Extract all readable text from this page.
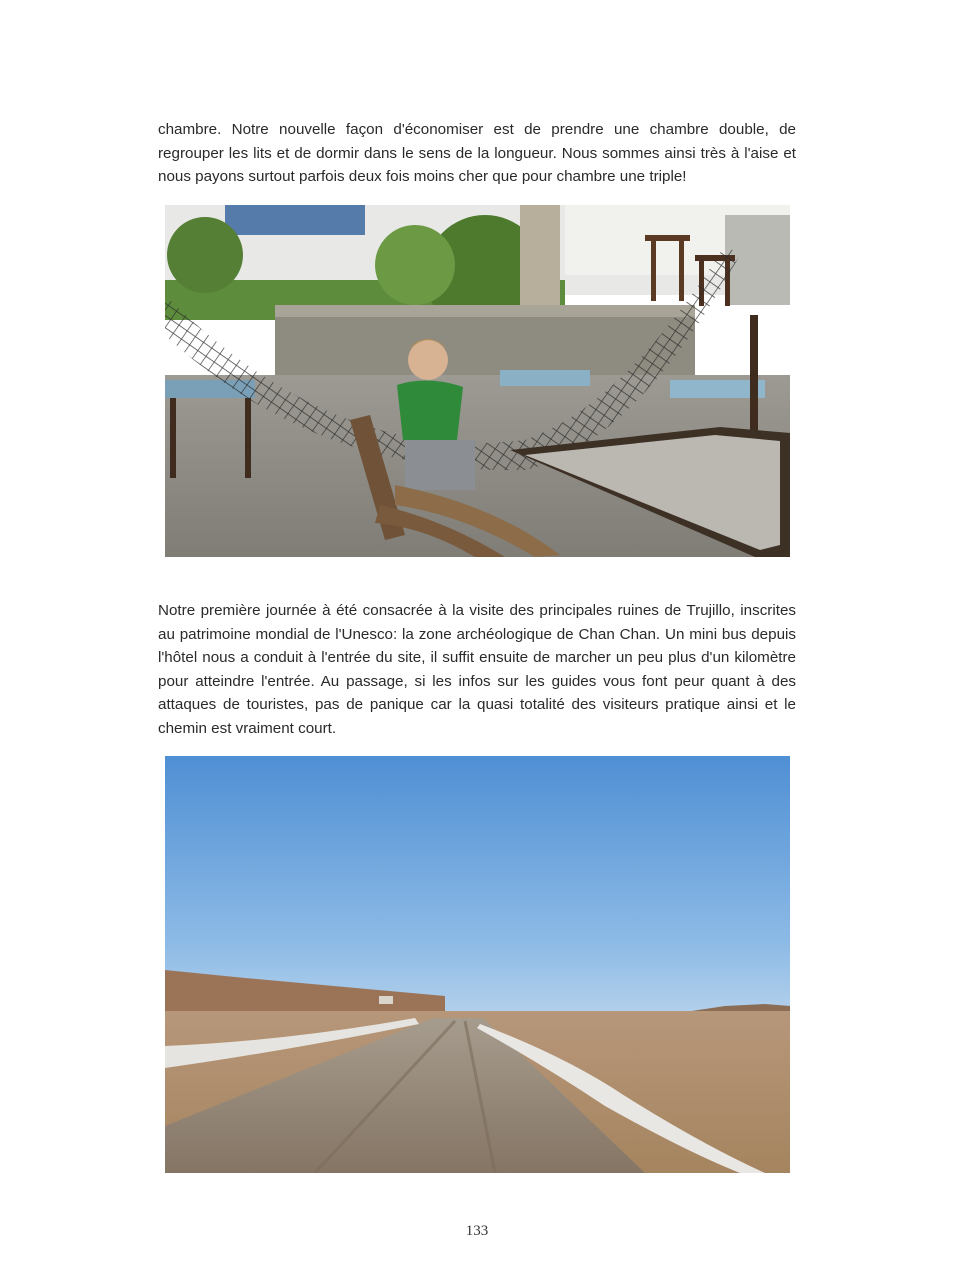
chambre. Notre nouvelle façon d'économiser est de prendre une chambre double, de regrouper les lits et de dormir dans le sens de la longueur. Nous sommes ainsi très à l'aise et nous payons surtout parfois deux fois moins cher que pour chambre une triple!

Notre première journée à été consacrée à la visite des principales ruines de Trujillo, inscrites au patrimoine mondial de l'Unesco: la zone archéologique de Chan Chan. Un mini bus depuis l'hôtel nous a conduit à l'entrée du site, il suffit ensuite de marcher un peu plus d'un kilomètre pour atteindre l'entrée. Au passage, si les infos sur les guides vous font peur quant à des attaques de touristes, pas de panique car la quasi totalité des visiteurs pratique ainsi et le chemin est vraiment court.

133
